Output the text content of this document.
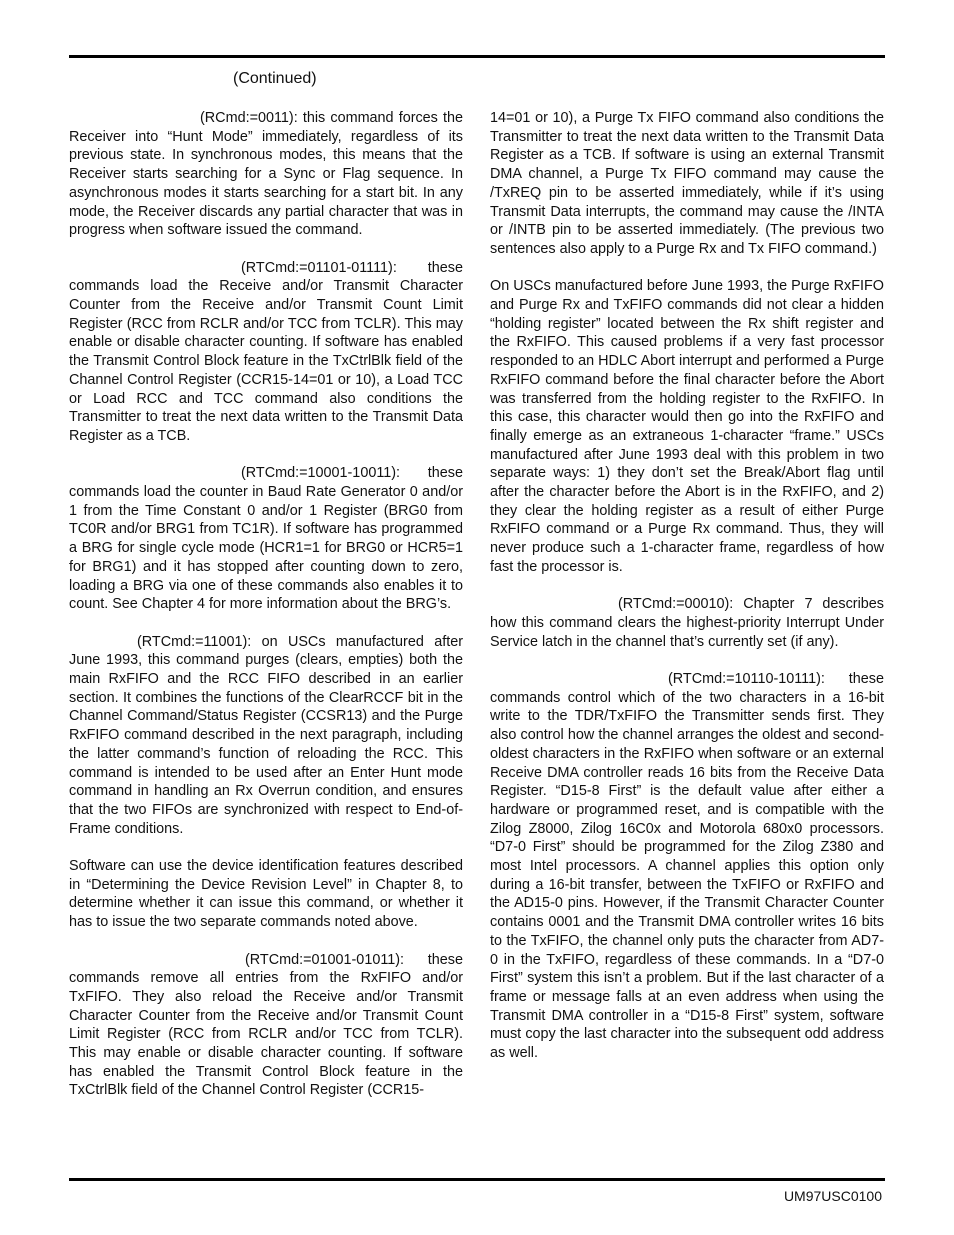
(Continued)

(RCmd:=0011): this command forces the Receiver into “Hunt Mode” immediately, regardless of its previous state. In synchronous modes, this means that the Receiver starts searching for a Sync or Flag sequence. In asynchronous modes it starts searching for a start bit. In any mode, the Receiver discards any partial character that was in progress when software issued the command.

(RTCmd:=01101-01111): these commands load the Receive and/or Transmit Character Counter from the Receive and/or Transmit Count Limit Register (RCC from RCLR and/or TCC from TCLR). This may enable or disable character counting. If software has enabled the Transmit Control Block feature in the TxCtrlBlk field of the Channel Control Register (CCR15-14=01 or 10), a Load TCC or Load RCC and TCC command also conditions the Transmitter to treat the next data written to the Transmit Data Register as a TCB.

(RTCmd:=10001-10011): these commands load the counter in Baud Rate Generator 0 and/or 1 from the Time Constant 0 and/or 1 Register (BRG0 from TC0R and/or BRG1 from TC1R). If software has programmed a BRG for single cycle mode (HCR1=1 for BRG0 or HCR5=1 for BRG1) and it has stopped after counting down to zero, loading a BRG via one of these commands also enables it to count. See Chapter 4 for more information about the BRG’s.

(RTCmd:=11001): on USCs manufactured after June 1993, this command purges (clears, empties) both the main RxFIFO and the RCC FIFO described in an earlier section. It combines the functions of the ClearRCCF bit in the Channel Command/Status Register (CCSR13) and the Purge RxFIFO command described in the next paragraph, including the latter command’s function of reloading the RCC. This command is intended to be used after an Enter Hunt mode command in handling an Rx Overrun condition, and ensures that the two FIFOs are synchronized with respect to End-of-Frame conditions.

Software can use the device identification features described in “Determining the Device Revision Level” in Chapter 8, to determine whether it can issue this command, or whether it has to issue the two separate commands noted above.

(RTCmd:=01001-01011): these commands remove all entries from the RxFIFO and/or TxFIFO. They also reload the Receive and/or Transmit Character Counter from the Receive and/or Transmit Count Limit Register (RCC from RCLR and/or TCC from TCLR). This may enable or disable character counting. If software has enabled the Transmit Control Block feature in the TxCtrlBlk field of the Channel Control Register (CCR15-

14=01 or 10), a Purge Tx FIFO command also conditions the Transmitter to treat the next data written to the Transmit Data Register as a TCB. If software is using an external Transmit DMA channel, a Purge Tx FIFO command may cause the /TxREQ pin to be asserted immediately, while if it’s using Transmit Data interrupts, the command may cause the /INTA or /INTB pin to be asserted immediately. (The previous two sentences also apply to a Purge Rx and Tx FIFO command.)

On USCs manufactured before June 1993, the Purge RxFIFO and Purge Rx and TxFIFO commands did not clear a hidden “holding register” located between the Rx shift register and the RxFIFO. This caused problems if a very fast processor responded to an HDLC Abort interrupt and performed a Purge RxFIFO command before the final character before the Abort was transferred from the holding register to the RxFIFO. In this case, this character would then go into the RxFIFO and finally emerge as an extraneous 1-character “frame.” USCs manufactured after June 1993 deal with this problem in two separate ways: 1) they don’t set the Break/Abort flag until after the character before the Abort is in the RxFIFO, and 2) they clear the holding register as a result of either Purge RxFIFO command or a Purge Rx command. Thus, they will never produce such a 1-character frame, regardless of how fast the processor is.

(RTCmd:=00010): Chapter 7 describes how this command clears the highest-priority Interrupt Under Service latch in the channel that’s currently set (if any).

(RTCmd:=10110-10111): these commands control which of the two characters in a 16-bit write to the TDR/TxFIFO the Transmitter sends first. They also control how the channel arranges the oldest and second-oldest characters in the RxFIFO when software or an external Receive DMA controller reads 16 bits from the Receive Data Register. “D15-8 First” is the default value after either a hardware or programmed reset, and is compatible with the Zilog Z8000, Zilog 16C0x and Motorola 680x0 processors. “D7-0 First” should be programmed for the Zilog Z380 and most Intel processors. A channel applies this option only during a 16-bit transfer, between the TxFIFO or RxFIFO and the AD15-0 pins. However, if the Transmit Character Counter contains 0001 and the Transmit DMA controller writes 16 bits to the TxFIFO, the channel only puts the character from AD7-0 in the TxFIFO, regardless of these commands. In a “D7-0 First” system this isn’t a problem. But if the last character of a frame or message falls at an even address when using the Transmit DMA controller in a “D15-8 First” system, software must copy the last character into the subsequent odd address as well.

UM97USC0100
